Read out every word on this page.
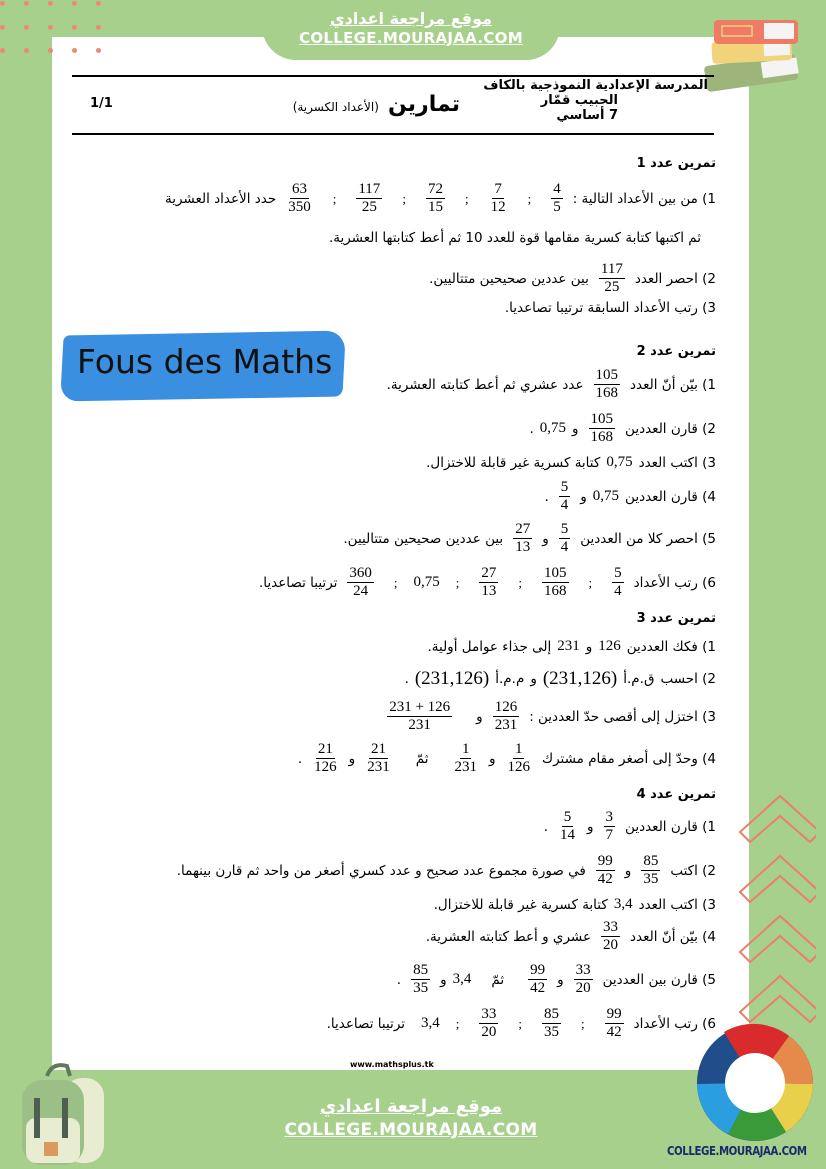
موقع مراجعة اعدادي
COLLEGE.MOURAJAA.COM
1/1	تمارين (الأعداد الكسرية)
المدرسة الإعدادية النموذجية بالكاف
الحبيب قمّار
7 أساسي
تمرين عدد 1
1) من بين الأعداد التالية :
$\frac{4}{5}$
;
$\frac{7}{12}$
;
$\frac{72}{15}$
;
$\frac{117}{25}$
;
$\frac{63}{350}$
حدد الأعداد العشرية
ثم اكتبها كتابة كسرية مقامها قوة للعدد 10 ثم أعط كتابتها العشرية.
2) احصر العدد
$\frac{117}{25}$
بين عددين صحيحين متتاليين.
3) رتب الأعداد السابقة ترتيبا تصاعديا.
Fous des Maths	تمرين عدد 2
1) بيّن أنّ العدد
$\frac{105}{168}$
عدد عشري ثم أعط كتابته العشرية.
2) قارن العددين
$\frac{105}{168}$
و
0,75
.
3) اكتب العدد
0,75
كتابة كسرية غير قابلة للاختزال.
4) قارن العددين
0,75
و
$\frac{5}{4}$
.
5) احصر كلا من العددين
$\frac{5}{4}$
و
$\frac{27}{13}$
بين عددين صحيحين متتاليين.
6) رتب الأعداد
$\frac{5}{4}$
;
$\frac{105}{168}$
;
$\frac{27}{13}$
;
0,75
;
$\frac{360}{24}$
ترتيبا تصاعديا.
تمرين عدد 3
1) فكك العددين
126
و
231
إلى جذاء عوامل أولية.
2) احسب
ق.م.أ
(231,126)
و
م.م.أ
(231,126)
.
3) اختزل إلى أقصى حدّ العددين :
$\frac{126}{231}$
و
$\frac{126 + 231}{231}$
4) وحدّ إلى أصغر مقام مشترك
$\frac{1}{126}$
و
$\frac{1}{231}$
ثمّ
$\frac{21}{231}$
و
$\frac{21}{126}$
.
تمرين عدد 4
1) قارن العددين
$\frac{3}{7}$
و
$\frac{5}{14}$
.
2) اكتب
$\frac{85}{35}$
و
$\frac{99}{42}$
في صورة مجموع عدد صحيح و عدد كسري أصغر من واحد ثم قارن بينهما.
3) اكتب العدد
3,4
كتابة كسرية غير قابلة للاختزال.
4) بيّن أنّ العدد
$\frac{33}{20}$
عشري و أعط كتابته العشرية.
5) قارن بين العددين
$\frac{33}{20}$
و
$\frac{99}{42}$
ثمّ
3,4
و
$\frac{85}{35}$
.
6) رتب الأعداد
$\frac{99}{42}$
;
$\frac{85}{35}$
;
$\frac{33}{20}$
;
3,4
ترتيبا تصاعديا.
www.mathsplus.tk
موقع مراجعة اعدادي
COLLEGE.MOURAJAA.COM
COLLEGE.MOURAJAA.COM
